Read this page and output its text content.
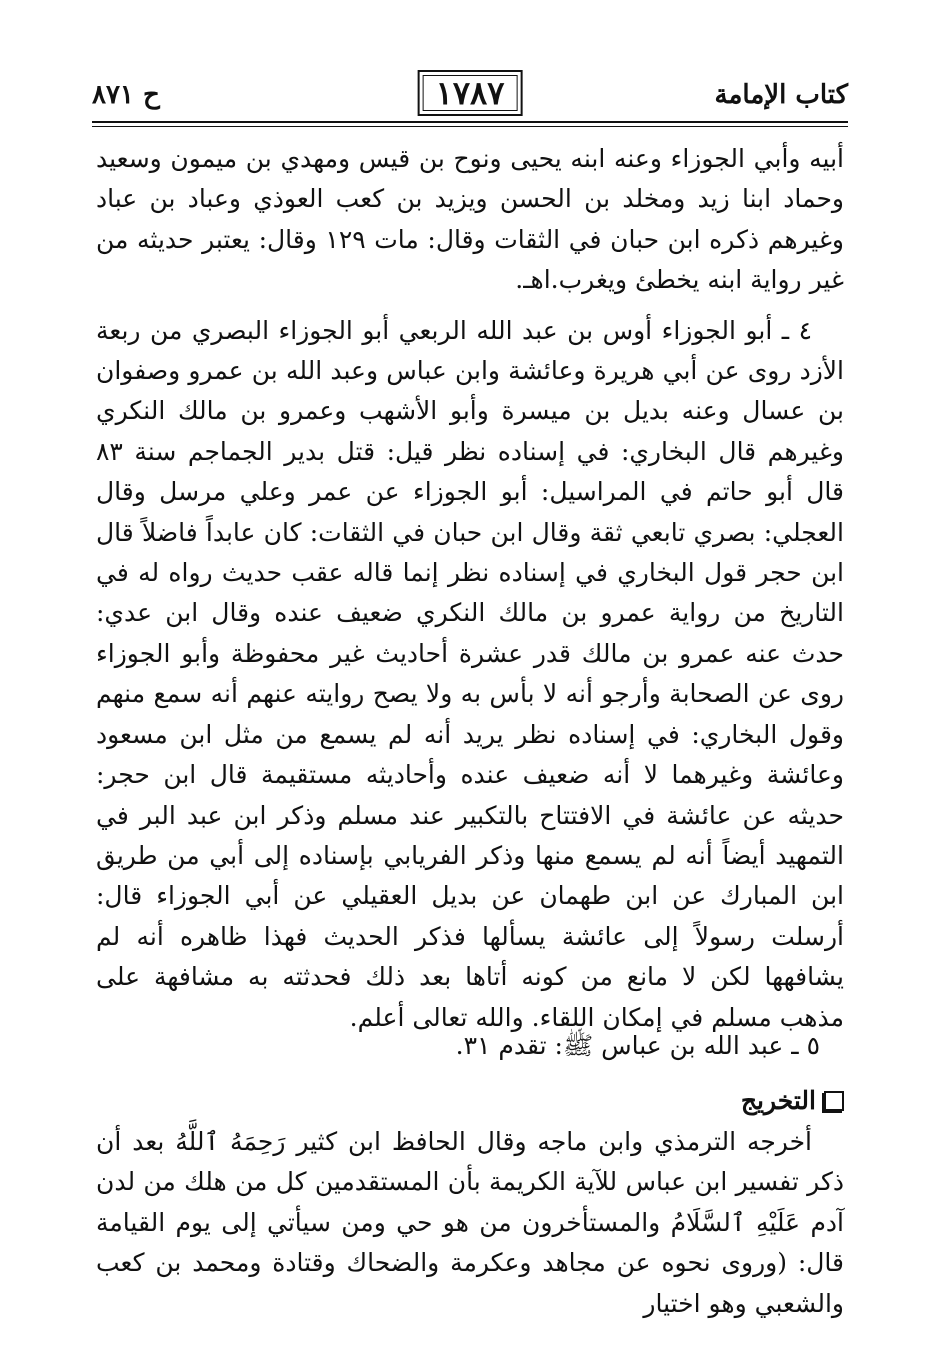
كتاب الإمامة
١٧٨٧
ح ٨٧١

أبيه وأبي الجوزاء وعنه ابنه يحيى ونوح بن قيس ومهدي بن ميمون وسعيد وحماد ابنا زيد ومخلد بن الحسن ويزيد بن كعب العوذي وعباد بن عباد وغيرهم ذكره ابن حبان في الثقات وقال: مات ١٢٩ وقال: يعتبر حديثه من غير رواية ابنه يخطئ ويغرب.اهـ.

٤ ـ أبو الجوزاء أوس بن عبد الله الربعي أبو الجوزاء البصري من ربعة الأزد روى عن أبي هريرة وعائشة وابن عباس وعبد الله بن عمرو وصفوان بن عسال وعنه بديل بن ميسرة وأبو الأشهب وعمرو بن مالك النكري وغيرهم قال البخاري: في إسناده نظر قيل: قتل بدير الجماجم سنة ٨٣ قال أبو حاتم في المراسيل: أبو الجوزاء عن عمر وعلي مرسل وقال العجلي: بصري تابعي ثقة وقال ابن حبان في الثقات: كان عابداً فاضلاً قال ابن حجر قول البخاري في إسناده نظر إنما قاله عقب حديث رواه له في التاريخ من رواية عمرو بن مالك النكري ضعيف عنده وقال ابن عدي: حدث عنه عمرو بن مالك قدر عشرة أحاديث غير محفوظة وأبو الجوزاء روى عن الصحابة وأرجو أنه لا بأس به ولا يصح روايته عنهم أنه سمع منهم وقول البخاري: في إسناده نظر يريد أنه لم يسمع من مثل ابن مسعود وعائشة وغيرهما لا أنه ضعيف عنده وأحاديثه مستقيمة قال ابن حجر: حديثه عن عائشة في الافتتاح بالتكبير عند مسلم وذكر ابن عبد البر في التمهيد أيضاً أنه لم يسمع منها وذكر الفريابي بإسناده إلى أبي من طريق ابن المبارك عن ابن طهمان عن بديل العقيلي عن أبي الجوزاء قال: أرسلت رسولاً إلى عائشة يسألها فذكر الحديث فهذا ظاهره أنه لم يشافهها لكن لا مانع من كونه أتاها بعد ذلك فحدثته به مشافهة على مذهب مسلم في إمكان اللقاء. والله تعالى أعلم.

٥ ـ عبد الله بن عباس ﷺ: تقدم ٣١.
التخريج

أخرجه الترمذي وابن ماجه وقال الحافظ ابن كثير رَحِمَهُ ٱللَّهُ بعد أن ذكر تفسير ابن عباس للآية الكريمة بأن المستقدمين كل من هلك من لدن آدم عَلَيْهِ ٱلسَّلَامُ والمستأخرون من هو حي ومن سيأتي إلى يوم القيامة قال: (وروى نحوه عن مجاهد وعكرمة والضحاك وقتادة ومحمد بن كعب والشعبي وهو اختيار
